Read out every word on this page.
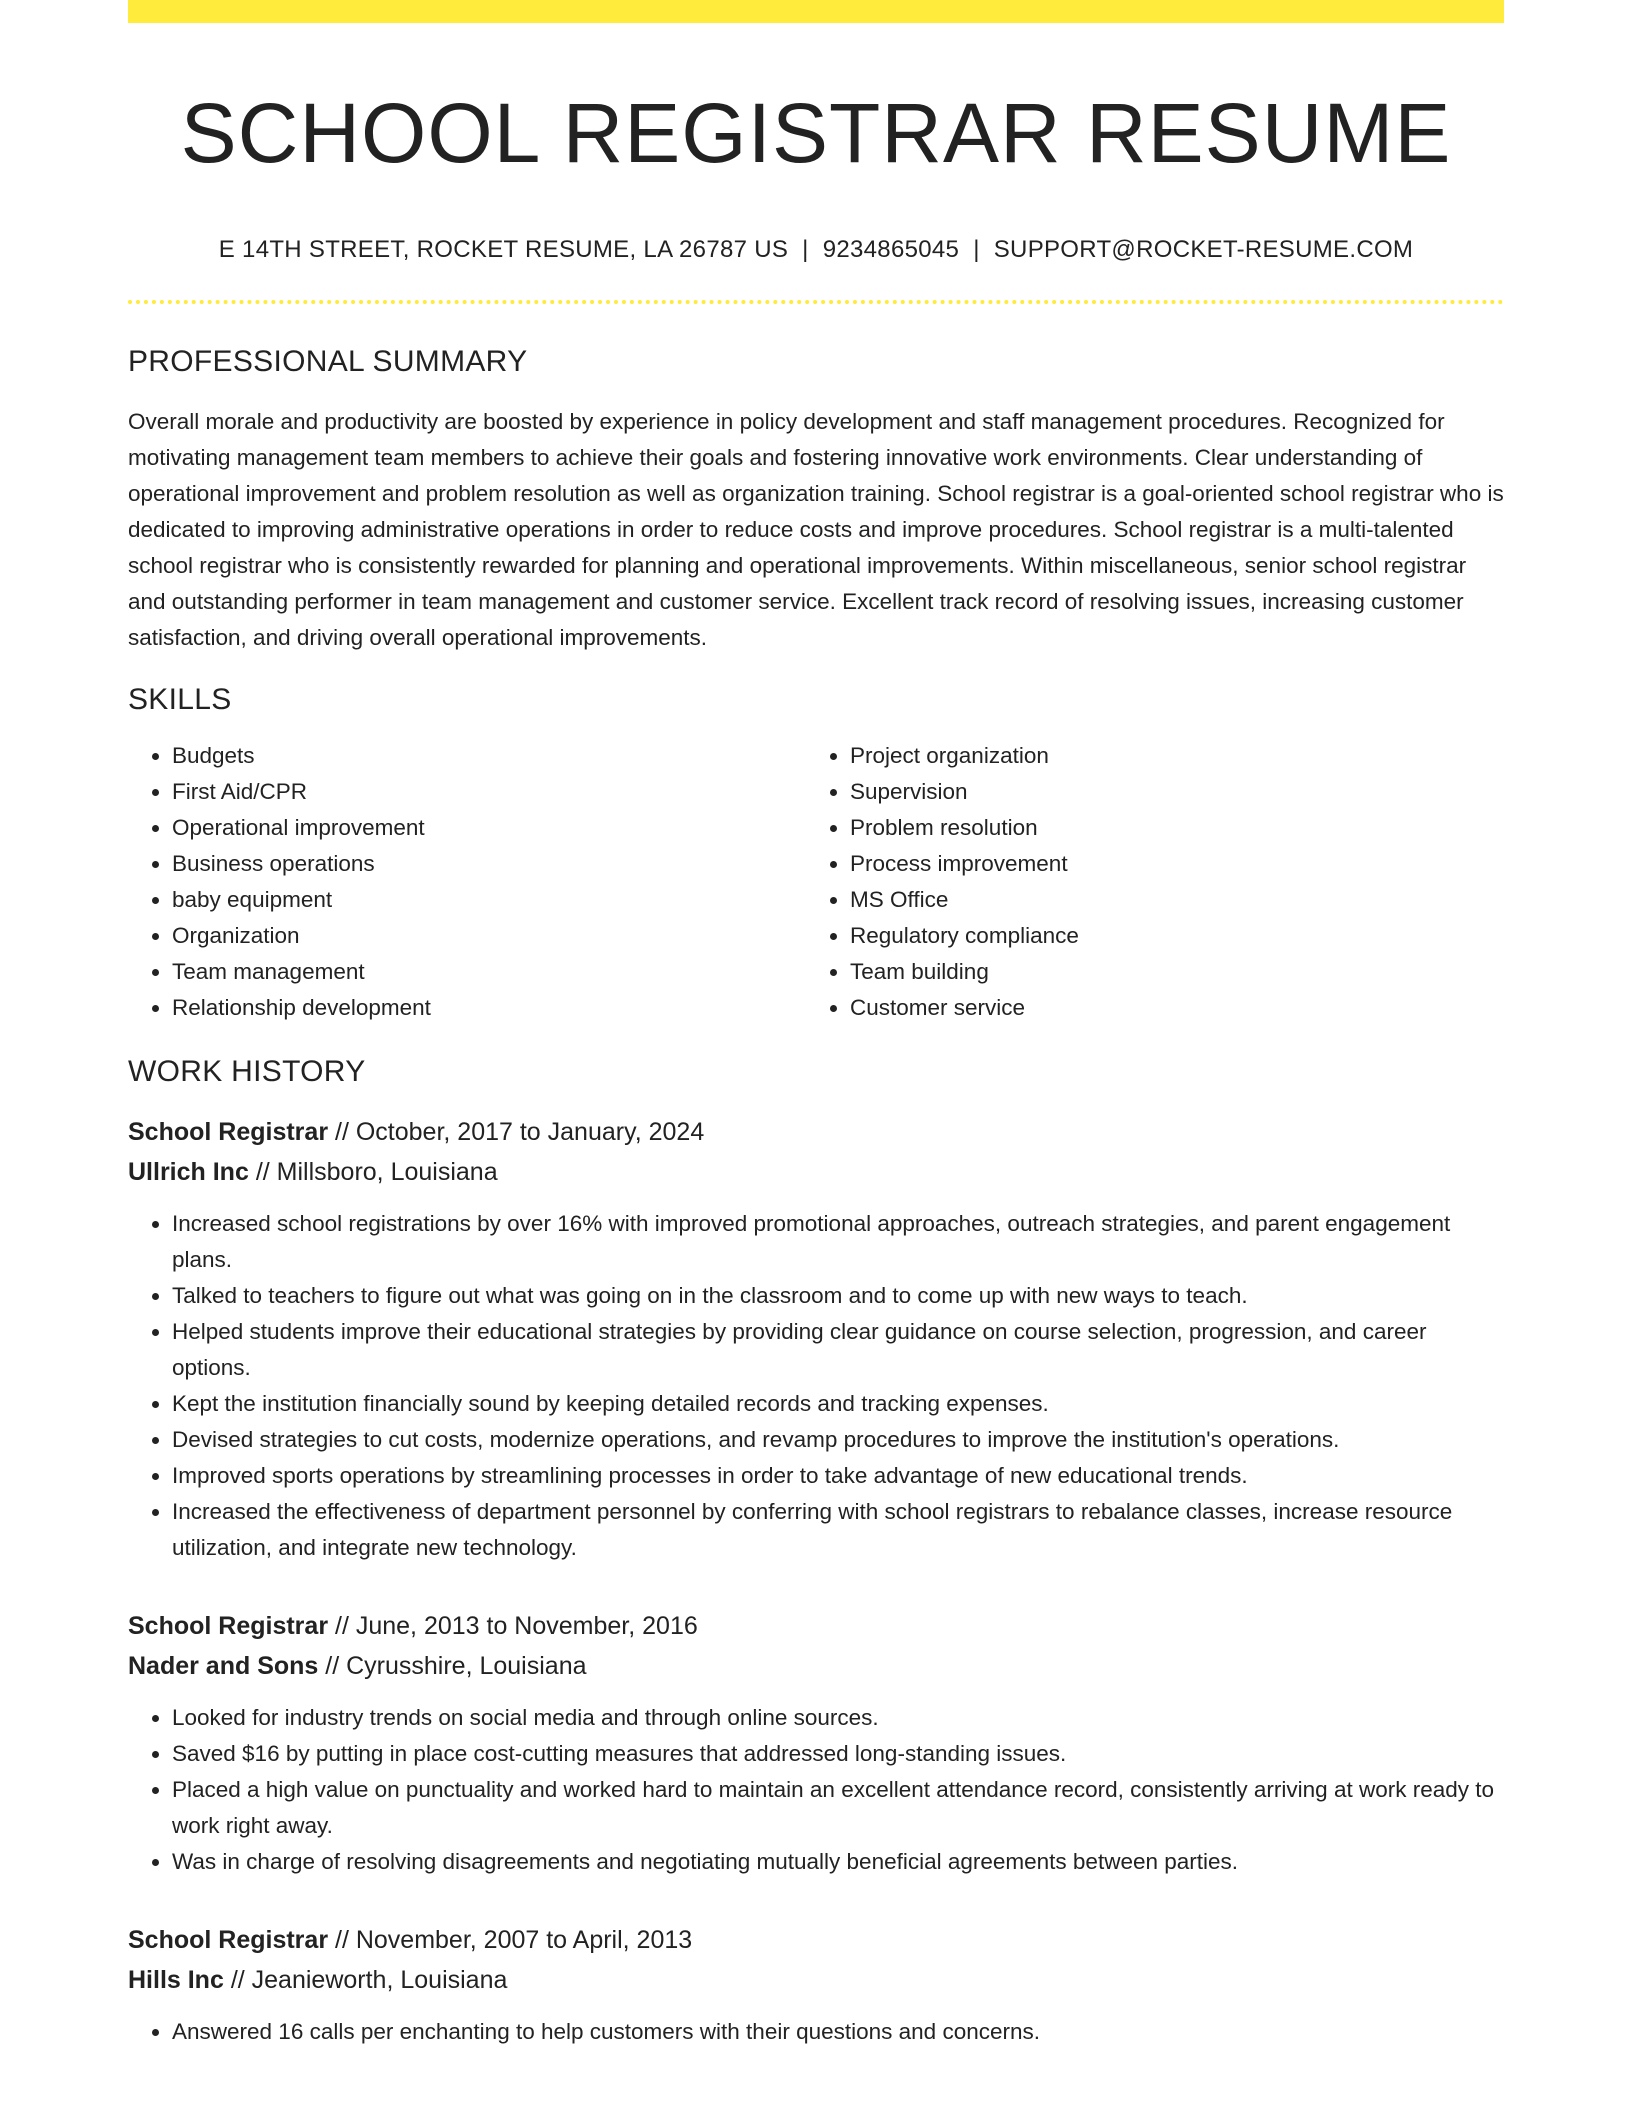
SCHOOL REGISTRAR RESUME
E 14TH STREET, ROCKET RESUME, LA 26787 US | 9234865045 | SUPPORT@ROCKET-RESUME.COM
PROFESSIONAL SUMMARY

Overall morale and productivity are boosted by experience in policy development and staff management procedures. Recognized for motivating management team members to achieve their goals and fostering innovative work environments. Clear understanding of operational improvement and problem resolution as well as organization training. School registrar is a goal-oriented school registrar who is dedicated to improving administrative operations in order to reduce costs and improve procedures. School registrar is a multi-talented school registrar who is consistently rewarded for planning and operational improvements. Within miscellaneous, senior school registrar and outstanding performer in team management and customer service. Excellent track record of resolving issues, increasing customer satisfaction, and driving overall operational improvements.

SKILLS
• Budgets
• First Aid/CPR
• Operational improvement
• Business operations
• baby equipment
• Organization
• Team management
• Relationship development
• Project organization
• Supervision
• Problem resolution
• Process improvement
• MS Office
• Regulatory compliance
• Team building
• Customer service
WORK HISTORY
School Registrar // October, 2017 to January, 2024
Ullrich Inc // Millsboro, Louisiana
• Increased school registrations by over 16% with improved promotional approaches, outreach strategies, and parent engagement plans.
• Talked to teachers to figure out what was going on in the classroom and to come up with new ways to teach.
• Helped students improve their educational strategies by providing clear guidance on course selection, progression, and career options.
• Kept the institution financially sound by keeping detailed records and tracking expenses.
• Devised strategies to cut costs, modernize operations, and revamp procedures to improve the institution's operations.
• Improved sports operations by streamlining processes in order to take advantage of new educational trends.
• Increased the effectiveness of department personnel by conferring with school registrars to rebalance classes, increase resource utilization, and integrate new technology.
School Registrar // June, 2013 to November, 2016
Nader and Sons // Cyrusshire, Louisiana
• Looked for industry trends on social media and through online sources.
• Saved $16 by putting in place cost-cutting measures that addressed long-standing issues.
• Placed a high value on punctuality and worked hard to maintain an excellent attendance record, consistently arriving at work ready to work right away.
• Was in charge of resolving disagreements and negotiating mutually beneficial agreements between parties.
School Registrar // November, 2007 to April, 2013
Hills Inc // Jeanieworth, Louisiana
• Answered 16 calls per enchanting to help customers with their questions and concerns.
